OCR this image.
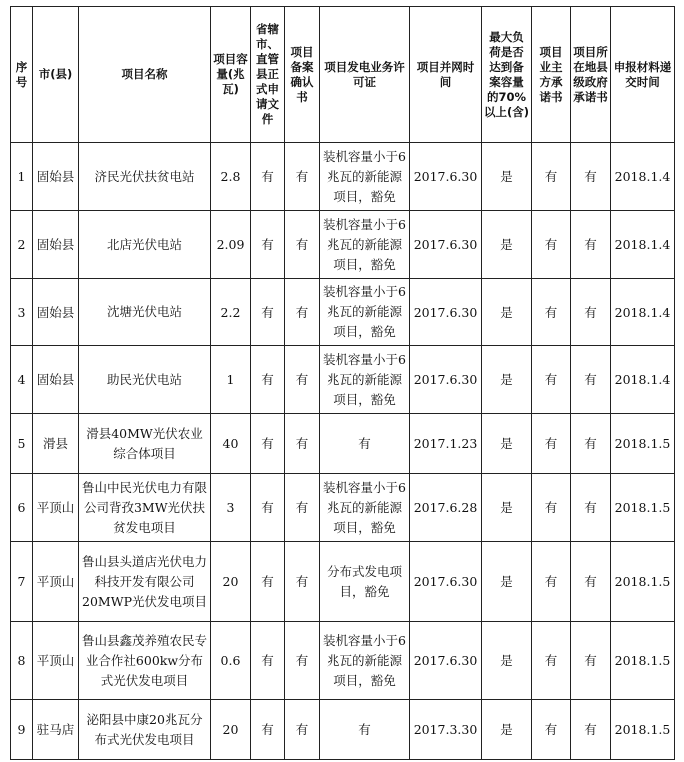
序号	市(县)	项目名称	项目容量(兆瓦)	省辖市、直管县正式申请文件	项目备案确认书	项目发电业务许可证	项目并网时间	最大负荷是否达到备案容量的70%以上(含)	项目业主方承诺书	项目所在地县级政府承诺书	申报材料递交时间
1	固始县	济民光伏扶贫电站	2.8	有	有	装机容量小于6兆瓦的新能源项目，豁免	2017.6.30	是	有	有	2018.1.4
2	固始县	北店光伏电站	2.09	有	有	装机容量小于6兆瓦的新能源项目，豁免	2017.6.30	是	有	有	2018.1.4
3	固始县	沈塘光伏电站	2.2	有	有	装机容量小于6兆瓦的新能源项目，豁免	2017.6.30	是	有	有	2018.1.4
4	固始县	助民光伏电站	1	有	有	装机容量小于6兆瓦的新能源项目，豁免	2017.6.30	是	有	有	2018.1.4
5	滑县	滑县40MW光伏农业综合体项目	40	有	有	有	2017.1.23	是	有	有	2018.1.5
6	平顶山	鲁山中民光伏电力有限公司背孜3MW光伏扶贫发电项目	3	有	有	装机容量小于6兆瓦的新能源项目，豁免	2017.6.28	是	有	有	2018.1.5
7	平顶山	鲁山县头道店光伏电力科技开发有限公司20MWP光伏发电项目	20	有	有	分布式发电项目，豁免	2017.6.30	是	有	有	2018.1.5
8	平顶山	鲁山县鑫茂养殖农民专业合作社600kw分布式光伏发电项目	0.6	有	有	装机容量小于6兆瓦的新能源项目，豁免	2017.6.30	是	有	有	2018.1.5
9	驻马店	泌阳县中康20兆瓦分布式光伏发电项目	20	有	有	有	2017.3.30	是	有	有	2018.1.5
